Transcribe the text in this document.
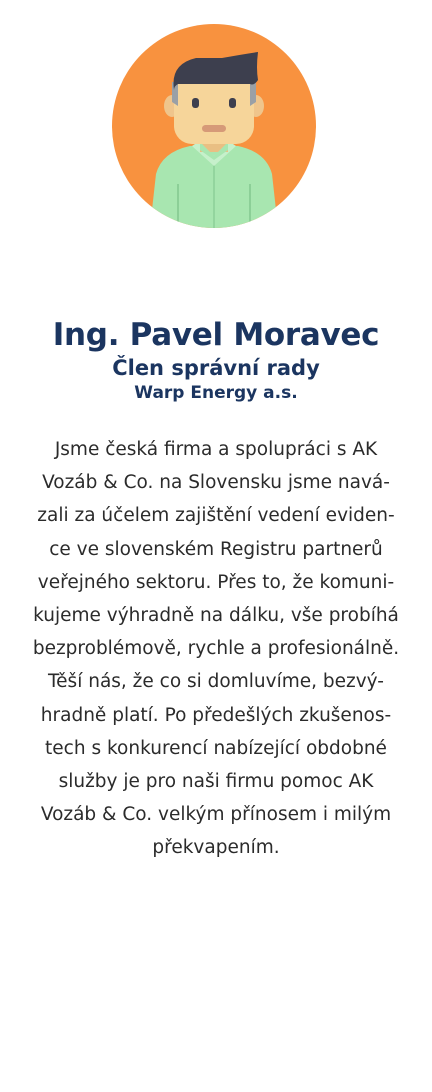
Ing. Pavel Moravec
Člen správní rady
Warp Energy a.s.

Jsme česká firma a spolupráci s AK
Vozáb & Co. na Slovensku jsme navá-
zali za účelem zajištění vedení eviden-
ce ve slovenském Registru partnerů
veřejného sektoru. Přes to, že komuni-
kujeme výhradně na dálku, vše probíhá
bezproblémově, rychle a profesionálně.
Těší nás, že co si domluvíme, bezvý-
hradně platí. Po předešlých zkušenos-
tech s konkurencí nabízející obdobné
služby je pro naši firmu pomoc AK
Vozáb & Co. velkým přínosem i milým
překvapením.
